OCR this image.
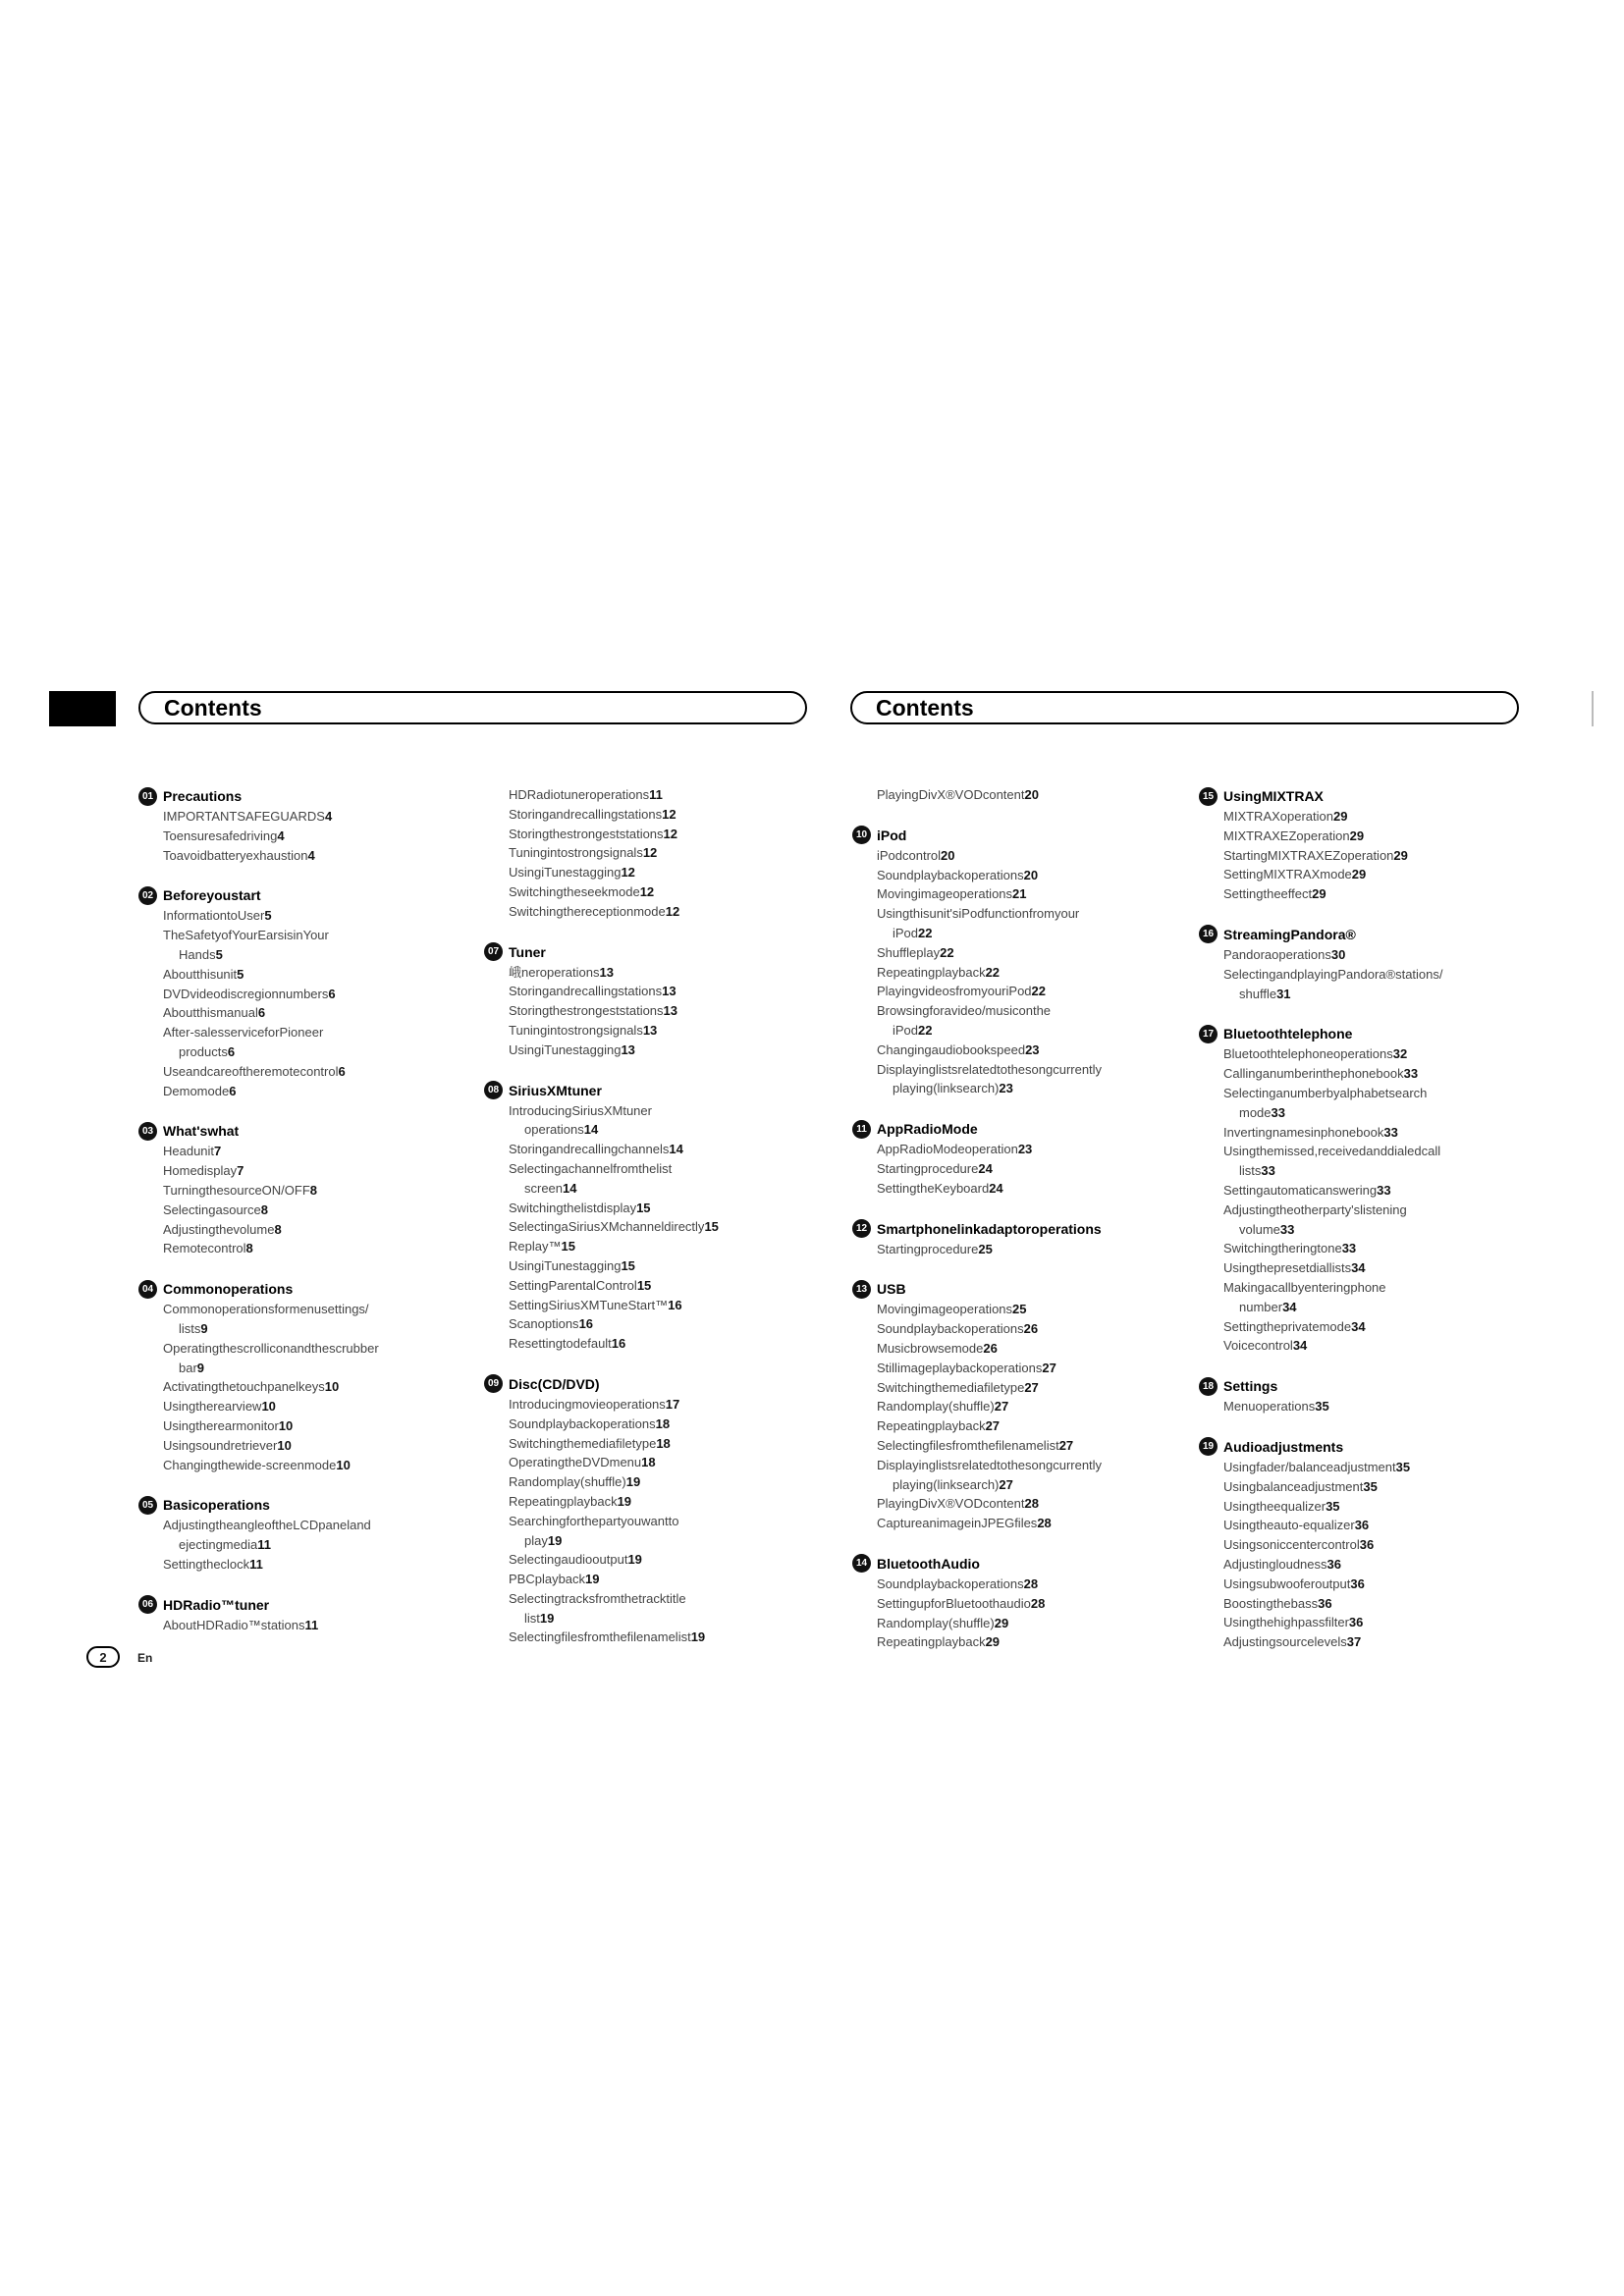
Contents	Contents
01 Precautions
IMPORTANTSAFEGUARDS4
Toensuresafedriving4
Toavoidbatteryexhaustion4
02 Beforeyoustart
InformationtoUser5
TheSafetyofYourEarsisinYour
Hands5
Aboutthisunit5
DVDvideodiscregionnumbers6
Aboutthismanual6
After-salesserviceforPioneer
products6
Useandcareoftheremotecontrol6
Demomode6
03 What'swhat
Headunit7
Homedisplay7
TurningthesourceON/OFF8
Selectingasource8
Adjustingthevolume8
Remotecontrol8
04 Commonoperations
Commonoperationsformenusettings/
lists9
Operatingthescrolliconandthescrubber
bar9
Activatingthetouchpanelkeys10
Usingtherearview10
Usingtherearmonitor10
Usingsoundretriever10
Changingthewide-screenmode10
05 Basicoperations
AdjustingtheangleoftheLCDpaneland
ejectingmedia11
Settingtheclock11
06 HDRadio™tuner
AboutHDRadio™stations11
HDRadiotuneroperations11
Storingandrecallingstations12
Storingthestrongeststations12
Tuningintostrongsignals12
UsingiTunestagging12
Switchingtheseekmode12
Switchingthereceptionmode12
07 Tuner
峨neroperations13
Storingandrecallingstations13
Storingthestrongeststations13
Tuningintostrongsignals13
UsingiTunestagging13
08 SiriusXMtuner
IntroducingSiriusXMtuner
operations14
Storingandrecallingchannels14
Selectingachannelfromthelist
screen14
Switchingthelistdisplay15
SelectingaSiriusXMchanneldirectly15
Replay™15
UsingiTunestagging15
SettingParentalControl15
SettingSiriusXMTuneStart™16
Scanoptions16
Resettingtodefault16
09 Disc(CD/DVD)
Introducingmovieoperations17
Soundplaybackoperations18
Switchingthemediafiletype18
OperatingtheDVDmenu18
Randomplay(shuffle)19
Repeatingplayback19
Searchingforthepartyouwantto
play19
Selectingaudiooutput19
PBCplayback19
Selectingtracksfromthetracktitle
list19
Selectingfilesfromthefilenamelist19
PlayingDivX®VODcontent20
10 iPod
iPodcontrol20
Soundplaybackoperations20
Movingimageoperations21
Usingthisunit'siPodfunctionfromyour
iPod22
Shuffleplay22
Repeatingplayback22
PlayingvideosfromyouriPod22
Browsingforavideo/musiconthe
iPod22
Changingaudiobookspeed23
Displayinglistsrelatedtothesongcurrently
playing(linksearch)23
11 AppRadioMode
AppRadioModeoperation23
Startingprocedure24
SettingtheKeyboard24
12 Smartphonelinkadaptoroperations
Startingprocedure25
13 USB
Movingimageoperations25
Soundplaybackoperations26
Musicbrowsemode26
Stillimageplaybackoperations27
Switchingthemediafiletype27
Randomplay(shuffle)27
Repeatingplayback27
Selectingfilesfromthefilenamelist27
Displayinglistsrelatedtothesongcurrently
playing(linksearch)27
PlayingDivX®VODcontent28
CaptureanimageinJPEGfiles28
14 BluetoothAudio
Soundplaybackoperations28
SettingupforBluetoothaudio28
Randomplay(shuffle)29
Repeatingplayback29
15 UsingMIXTRAX
MIXTRAXoperation29
MIXTRAXEZoperation29
StartingMIXTRAXEZoperation29
SettingMIXTRAXmode29
Settingtheeffect29
16 StreamingPandora®
Pandoraoperations30
SelectingandplayingPandora®stations/
shuffle31
17 Bluetoothtelephone
Bluetoothtelephoneoperations32
Callinganumberinthephonebook33
Selectinganumberbyalphabetsearch
mode33
Invertingnamesinphonebook33
Usingthemissed,receivedanddialedcall
lists33
Settingautomaticanswering33
Adjustingtheotherparty'slistening
volume33
Switchingtheringtone33
Usingthepresetdiallists34
Makingacallbyenteringphone
number34
Settingtheprivatemode34
Voicecontrol34
18 Settings
Menuoperations35
19 Audioadjustments
Usingfader/balanceadjustment35
Usingbalanceadjustment35
Usingtheequalizer35
Usingtheauto-equalizer36
Usingsoniccentercontrol36
Adjustingloudness36
Usingsubwooferoutput36
Boostingthebass36
Usingthehighpassfilter36
Adjustingsourcelevels37
2	En
